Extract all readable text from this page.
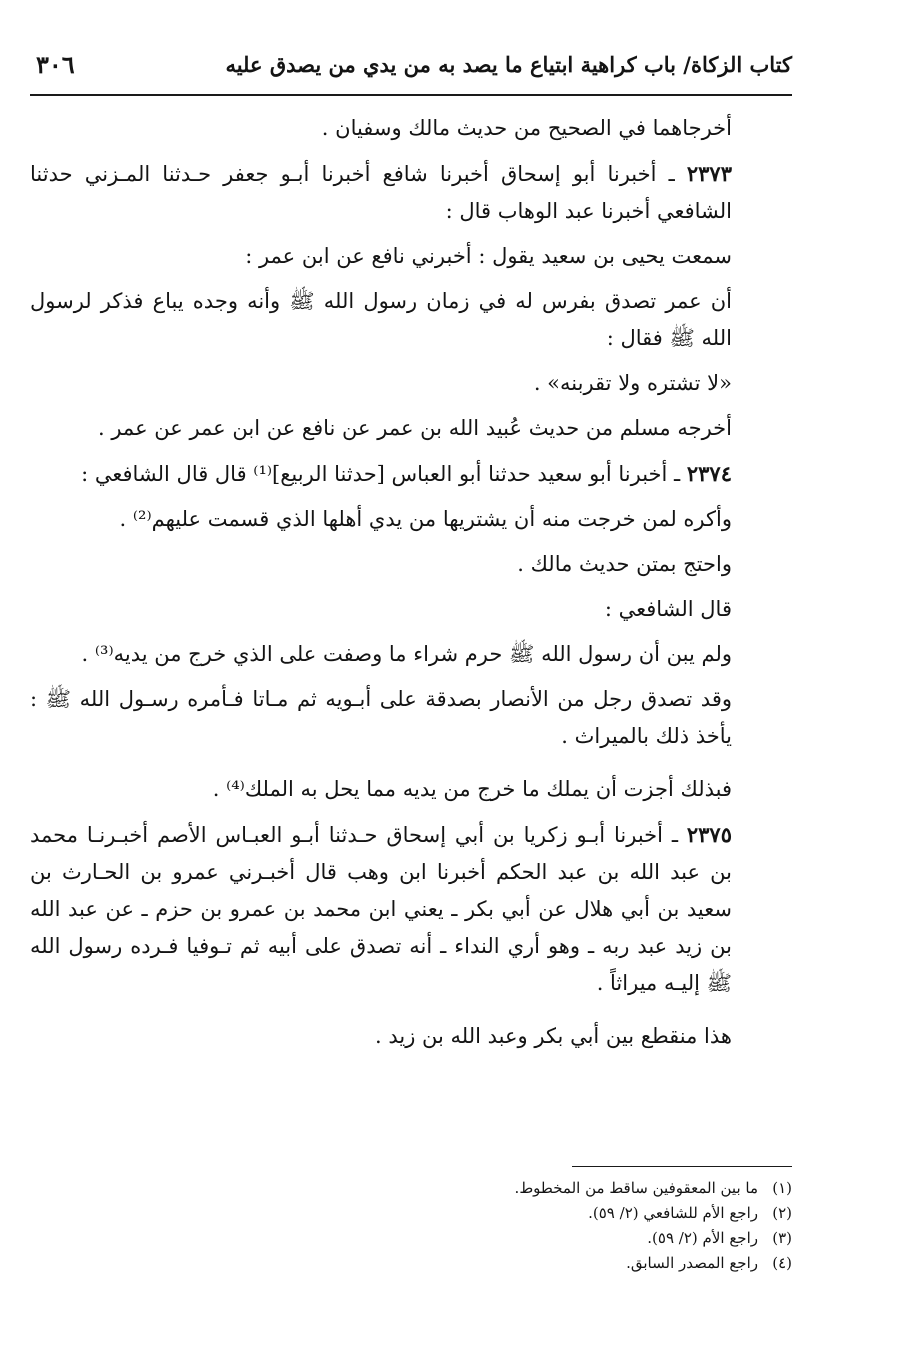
كتاب الزكاة/ باب كراهية ابتياع ما يصد به من يدي من يصدق عليه
٣٠٦

أخرجاهما في الصحيح من حديث مالك وسفيان .

٢٣٧٣ ـ أخبرنا أبو إسحاق أخبرنا شافع أخبرنا أبـو جعفر حـدثنا المـزني حدثنا الشافعي أخبرنا عبد الوهاب قال :

سمعت يحيى بن سعيد يقول : أخبرني نافع عن ابن عمر :

أن عمر تصدق بفرس له في زمان رسول الله ﷺ وأنه وجده يباع فذكر لرسول الله ﷺ فقال :

«لا تشتره ولا تقربنه» .

أخرجه مسلم من حديث عُبيد الله بن عمر عن نافع عن ابن عمر عن عمر .

٢٣٧٤ ـ أخبرنا أبو سعيد حدثنا أبو العباس [حدثنا الربيع]⁽¹⁾ قال قال الشافعي :

وأكره لمن خرجت منه أن يشتريها من يدي أهلها الذي قسمت عليهم⁽²⁾ .

واحتج بمتن حديث مالك .

قال الشافعي :

ولم يبن أن رسول الله ﷺ حرم شراء ما وصفت على الذي خرج من يديه⁽³⁾ .

وقد تصدق رجل من الأنصار بصدقة على أبـويه ثم مـاتا فـأمره رسـول الله ﷺ : يأخذ ذلك بالميراث .

فبذلك أجزت أن يملك ما خرج من يديه مما يحل به الملك⁽⁴⁾ .

٢٣٧٥ ـ أخبرنا أبـو زكريا بن أبي إسحاق حـدثنا أبـو العبـاس الأصم أخبـرنـا محمد بن عبد الله بن عبد الحكم أخبرنا ابن وهب قال أخبـرني عمرو بن الحـارث بن سعيد بن أبي هلال عن أبي بكر ـ يعني ابن محمد بن عمرو بن حزم ـ عن عبد الله بن زيد عبد ربه ـ وهو أري النداء ـ أنه تصدق على أبيه ثم تـوفيا فـرده رسول الله ﷺ إليـه ميراثاً .

هذا منقطع بين أبي بكر وعبد الله بن زيد .

(١)ما بين المعقوفين ساقط من المخطوط.
(٢)راجع الأم للشافعي (٢/ ٥٩).
(٣)راجع الأم (٢/ ٥٩).
(٤)راجع المصدر السابق.
